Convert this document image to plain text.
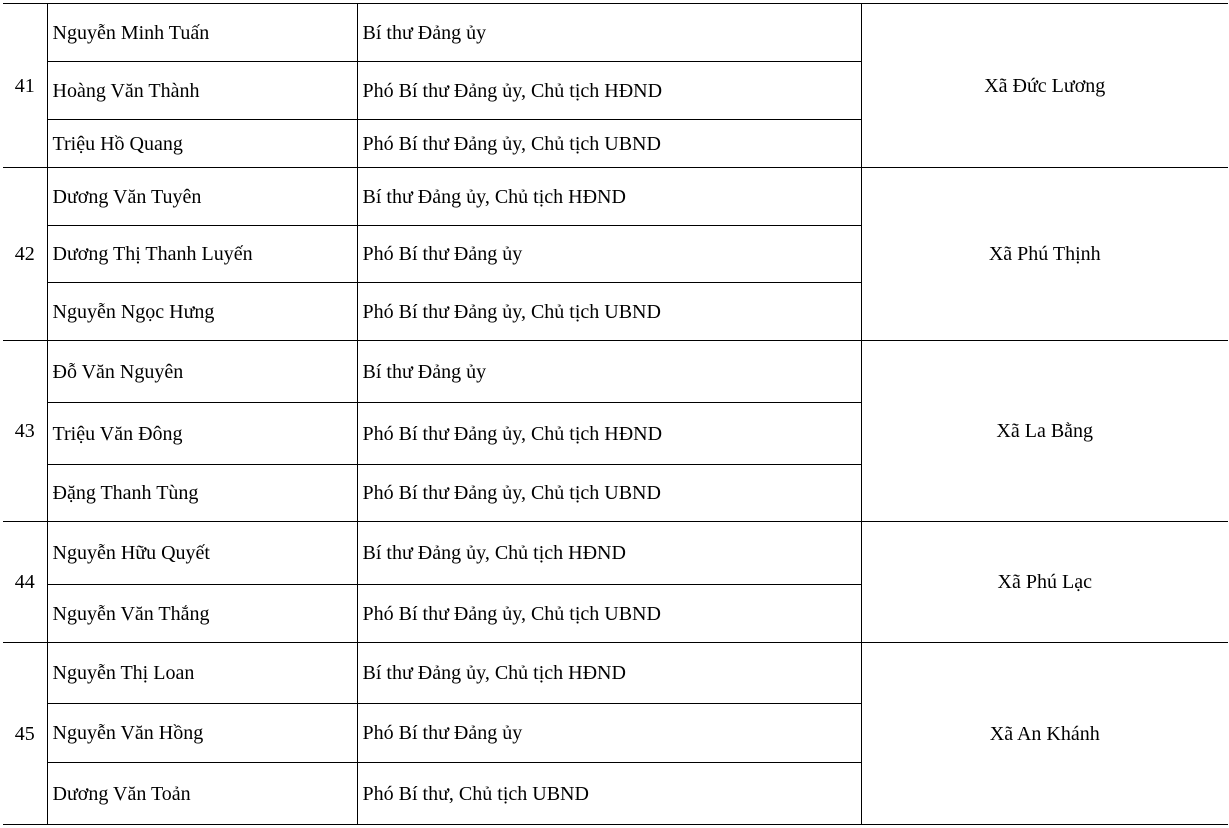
41	Nguyễn Minh Tuấn	Bí thư Đảng ủy	Xã Đức Lương
	Hoàng Văn Thành	Phó Bí thư Đảng ủy, Chủ tịch HĐND	
	Triệu Hồ Quang	Phó Bí thư Đảng ủy, Chủ tịch UBND	
42	Dương Văn Tuyên	Bí thư Đảng ủy, Chủ tịch HĐND	Xã Phú Thịnh
	Dương Thị Thanh Luyến	Phó Bí thư Đảng ủy	
	Nguyễn Ngọc Hưng	Phó Bí thư Đảng ủy, Chủ tịch UBND	
43	Đỗ Văn Nguyên	Bí thư Đảng ủy	Xã La Bằng
	Triệu Văn Đông	Phó Bí thư Đảng ủy, Chủ tịch HĐND	
	Đặng Thanh Tùng	Phó Bí thư Đảng ủy, Chủ tịch UBND	
44	Nguyễn Hữu Quyết	Bí thư Đảng ủy, Chủ tịch HĐND	Xã Phú Lạc
	Nguyễn Văn Thắng	Phó Bí thư Đảng ủy, Chủ tịch UBND	
45	Nguyễn Thị Loan	Bí thư Đảng ủy, Chủ tịch HĐND	Xã An Khánh
	Nguyễn Văn Hồng	Phó Bí thư Đảng ủy	
	Dương Văn Toản	Phó Bí thư, Chủ tịch UBND	
